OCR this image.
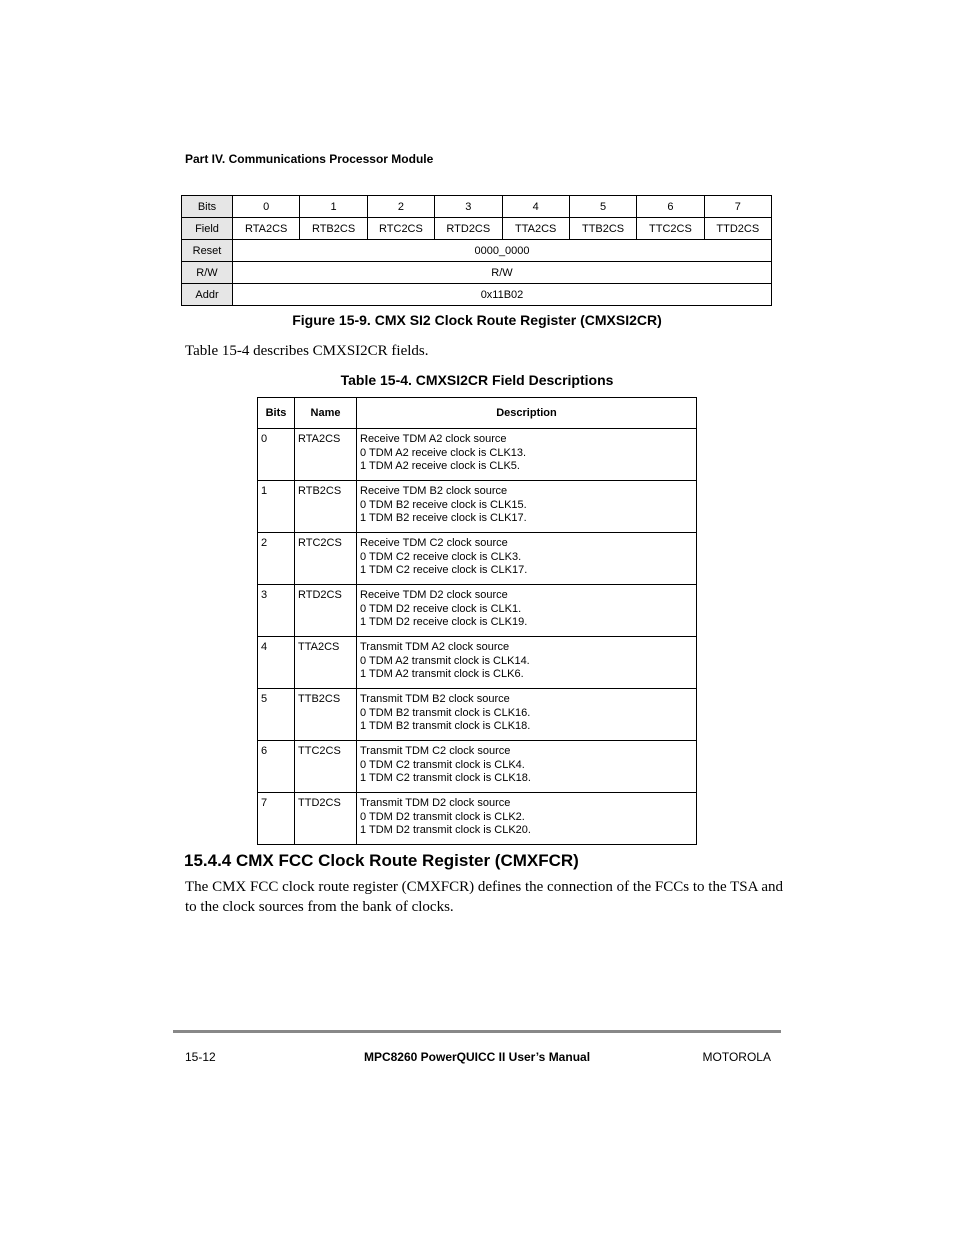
Part IV. Communications Processor Module
Bits	0	1	2	3	4	5	6	7
Field	RTA2CS	RTB2CS	RTC2CS	RTD2CS	TTA2CS	TTB2CS	TTC2CS	TTD2CS
Reset	0000_0000							
R/W	R/W							
Addr	0x11B02							
Figure 15-9. CMX SI2 Clock Route Register (CMXSI2CR)
Table 15-4 describes CMXSI2CR fields.
Table 15-4. CMXSI2CR Field Descriptions
Bits	Name	Description
0	RTA2CS	Receive TDM A2 clock source
0 TDM A2 receive clock is CLK13.
1 TDM A2 receive clock is CLK5.

1	RTB2CS	Receive TDM B2 clock source
0 TDM B2 receive clock is CLK15.
1 TDM B2 receive clock is CLK17.

2	RTC2CS	Receive TDM C2 clock source
0 TDM C2 receive clock is CLK3.
1 TDM C2 receive clock is CLK17.

3	RTD2CS	Receive TDM D2 clock source
0 TDM D2 receive clock is CLK1.
1 TDM D2 receive clock is CLK19.

4	TTA2CS	Transmit TDM A2 clock source
0 TDM A2 transmit clock is CLK14.
1 TDM A2 transmit clock is CLK6.

5	TTB2CS	Transmit TDM B2 clock source
0 TDM B2 transmit clock is CLK16.
1 TDM B2 transmit clock is CLK18.

6	TTC2CS	Transmit TDM C2 clock source
0 TDM C2 transmit clock is CLK4.
1 TDM C2 transmit clock is CLK18.

7	TTD2CS	Transmit TDM D2 clock source
0 TDM D2 transmit clock is CLK2.
1 TDM D2 transmit clock is CLK20.
15.4.4 CMX FCC Clock Route Register (CMXFCR)
The CMX FCC clock route register (CMXFCR) defines the connection of the FCCs to the TSA and to the clock sources from the bank of clocks.
15-12	MPC8260 PowerQUICC II User’s Manual	MOTOROLA
